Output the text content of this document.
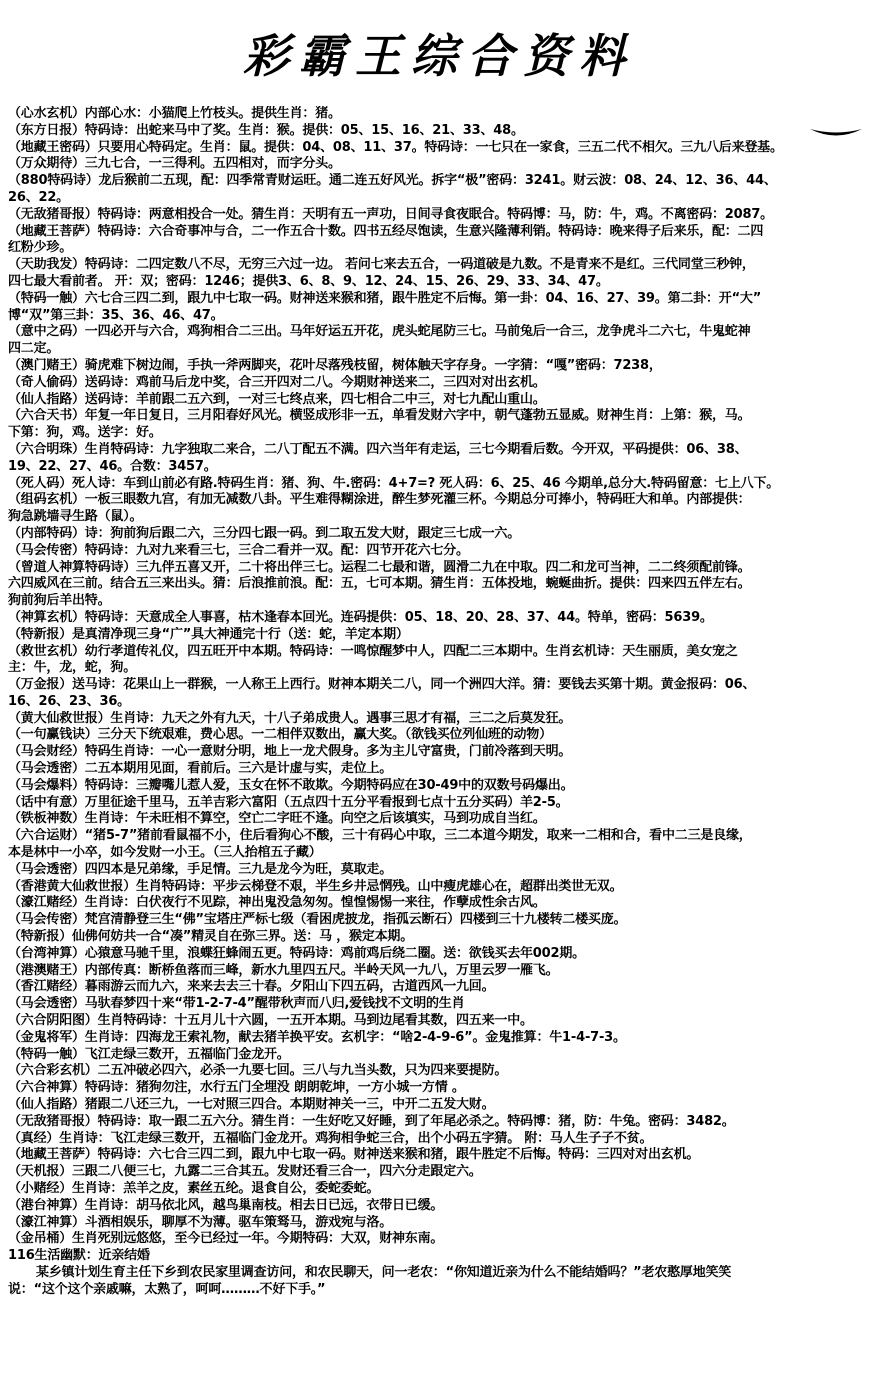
彩霸王综合资料
（心水玄机）内部心水：小猫爬上竹枝头。提供生肖：猪。
（东方日报）特码诗：出蛇来马中了奖。生肖：猴。提供：05、15、16、21、33、48。
（地藏王密码）只要用心特码定。生肖：鼠。提供：04、08、11、37。特码诗：一七只在一家食，三五二代不相欠。三九八后来登基。
（万众期待）三九七合，一三得利。五四相对，而字分头。
（880特码诗）龙后猴前二五现，配：四季常青财运旺。通二连五好风光。拆字“极”密码：3241。财云波：08、24、12、36、44、
26、22。
（无敌猪哥报）特码诗：两意相投合一处。猜生肖：天明有五一声功，日间寻食夜眠合。特码博：马，防：牛，鸡。不离密码：2087。
（地藏王菩萨）特码诗：六合奇事冲与合，二一作五合十数。四书五经尽饱读，生意兴隆薄利销。特码诗：晚来得子后来乐，配：二四
红粉少珍。
（天助我发）特码诗：二四定数八不尽，无穷三六过一边。 若问七来去五合，一码道破是九数。不是青来不是红。三代同堂三秒钟，
四七最大看前者。 开：双；密码：1246；提供3、6、8、9、12、24、15、26、29、33、34、47。
（特码一触）六七合三四二到，跟九中七取一码。财神送来猴和猪，跟牛胜定不后悔。第一卦：04、16、27、39。第二卦：开“大”
博“双”第三卦：35、36、46、47。
（意中之码）一四必开与六合，鸡狗相合二三出。马年好运五开花，虎头蛇尾防三七。马前兔后一合三，龙争虎斗二六七，牛鬼蛇神
四二定。
（澳门赌王）骑虎难下树边闹，手执一斧两脚夹，花叶尽落残枝留，树体触天字存身。一字猜：“嘎”密码：7238，
（奇人偷码）送码诗：鸡前马后龙中奖，合三开四对二八。今期财神送来二，三四对对出玄机。
（仙人指路）送码诗：羊前跟二五六到，一对三七终点来，四七相合二中三，对七九配山重山。
（六合天书）年复一年日复日，三月阳春好风光。横竖成形非一五，单看发财六字中，朝气蓬勃五显威。财神生肖：上第：猴，马。
下第：狗，鸡。送字：好。
（六合明珠）生肖特码诗：九字独取二来合，二八丁配五不满。四六当年有走运，三七今期看后数。今开双，平码提供：06、38、
19、22、27、46。合数：3457。
（死人码）死人诗：车到山前必有路.特码生肖：猪、狗、牛.密码：4+7=? 死人码：6、25、46 今期单,总分大.特码留意：七上八下。
（组码玄机）一板三眼数九宫，有加无减数八卦。平生难得糊涂进，醉生梦死灌三杯。今期总分可捧小，特码旺大和单。内部提供：
狗急跳墙寻生路（鼠）。
（内部特码）诗：狗前狗后跟二六，三分四七跟一码。到二取五发大财，跟定三七成一六。
（马会传密）特码诗：九对九来看三七，三合二看并一双。配：四节开花六七分。
（曾道人神算特码诗）三九伴五喜又开，二十将出伴三七。运程二七最和谐，圆滑二九在中取。四二和龙可当神，二二终须配前锋。
六四威风在三前。结合五三来出头。猜：后浪推前浪。配：五，七可本期。猜生肖：五体投地，蜿蜒曲折。提供：四来四五伴左右。
狗前狗后羊出特。
（神算玄机）特码诗：天意成全人事喜，枯木逢春本回光。连码提供：05、18、20、28、37、44。特单，密码：5639。
（特新报）是真清净现三身“广”具大神通完十行（送：蛇，羊定本期）
（救世玄机）幼行孝道传礼仪，四五旺开中本期。特码诗：一鸣惊醒梦中人，四配二三本期中。生肖玄机诗：天生丽质，美女宠之
主：牛，龙，蛇，狗。
（万金报）送马诗：花果山上一群猴，一人称王上西行。财神本期关二八，同一个洲四大洋。猜：要钱去买第十期。黄金报码：06、
16、26、23、36。
（黄大仙救世报）生肖诗：九天之外有九天，十八子弟成贵人。遇事三思才有福，三二之后莫发狂。
（一句赢钱诀）三分天下统艰难，费心思。一二相伴双数出，赢大奖。（欲钱买位列仙班的动物）
（马会财经）特码生肖诗：一心一意财分明，地上一龙犬假身。多为主儿守富贵，门前冷落到天明。
（马会透密）二五本期用见面，看前后。三六是计虚与实，走位上。
（马会爆料）特码诗：三瓣嘴儿惹人爱，玉女在怀不敢欺。今期特码应在30-49中的双数号码爆出。
（话中有意）万里征途千里马，五羊吉彩六富阳（五点四十五分平看报到七点十五分买码）羊2-5。
（铁板神数）生肖诗：午未旺相不算空，空亡二字旺不逢。向空之后该填实，马到功成自当红。
（六合运财）“猪5-7”猪前看鼠福不小，住后看狗心不酸，三十有码心中取，三二本道今期发，取来一二相和合，看中二三是良缘，
本是林中一小卒，如今发财一小王。（三人抬棺五子藏）
（马会透密）四四本是兄弟缘，手足情。三九是龙今为旺，莫取走。
（香港黄大仙救世报）生肖特码诗：平步云梯登不艰，半生乡井忌惘残。山中瘦虎雄心在，超群出类世无双。
（濠江赌经）生肖诗：白伏夜行不见踪，神出鬼没急匆匆。惶惶惕惕一来往，作孽成性余古风。
（马会传密）梵宫清静登三生“佛”宝塔庄严标七级（看困虎披龙，指孤云断石）四楼到三十九楼转二楼买庞。
（特新报）仙佛何妨共一合“凑”精灵自在弥三界。送：马 ，猴定本期。
（台湾神算）心猿意马驰千里，浪蝶狂蜂闹五更。特码诗：鸡前鸡后绕二圈。送：欲钱买去年002期。
（港澳赌王）内部传真：断桥鱼落而三峰，新水九里四五尺。半岭天风一九八，万里云罗一雁飞。
（香江赌经）暮雨游云而九六，来来去去三十春。夕阳山下四五码，古道西风一九回。
（马会透密）马驮春梦四十来“带1-2-7-4”醒带秋声而八归,爱钱找不文明的生肖
（六合阴阳图）生肖特码诗：十五月儿十六圆，一五开本期。马到边尾看其数，四五来一中。
（金鬼将军）生肖诗：四海龙王索礼物，献去猪羊换平安。玄机字：“啥2-4-9-6”。金鬼推算：牛1-4-7-3。
（特码一触）飞江走绿三数开，五福临门金龙开。
（六合彩玄机）二五冲破必四六，必杀一九要七回。三八与九当头数，只为四来要提防。
（六合神算）特码诗：猪狗勿注，水行五门全埋没 朗朗乾坤，一方小城一方情 。
（仙人指路）猪跟二八还三九，一七对照三四合。本期财神关一三，中开二五发大财。
（无敌猪哥报）特码诗：取一跟二五六分。猜生肖：一生好吃又好睡，到了年尾必杀之。特码博：猪，防：牛兔。密码：3482。
（真经）生肖诗：飞江走绿三数开，五福临门金龙开。鸡狗相争蛇三合，出个小码五字猜。 附：马人生子子不贫。
（地藏王菩萨）特码诗：六七合三四二到，跟九中七取一码。财神送来猴和猪，跟牛胜定不后悔。特码：三四对对出玄机。
（天机报）三跟二八便三七，九露二三合其五。发财还看三合一，四六分走跟定六。
（小赌经）生肖诗：羔羊之皮，素丝五纶。退食自公，委蛇委蛇。
（港台神算）生肖诗：胡马依北风，越鸟巢南枝。相去日已远，衣带日已缓。
（濠江神算）斗酒相娱乐，聊厚不为薄。驱车策驽马，游戏宛与洛。
（金吊桶）生肖死别远悠悠，至今已经过一年。今期特码：大双，财神东南。
116生活幽默：近亲结婚
某乡镇计划生育主任下乡到农民家里调查访问，和农民聊天，问一老农：“你知道近亲为什么不能结婚吗？”老农憨厚地笑笑
说：“这个这个亲戚嘛，太熟了，呵呵………不好下手。”
